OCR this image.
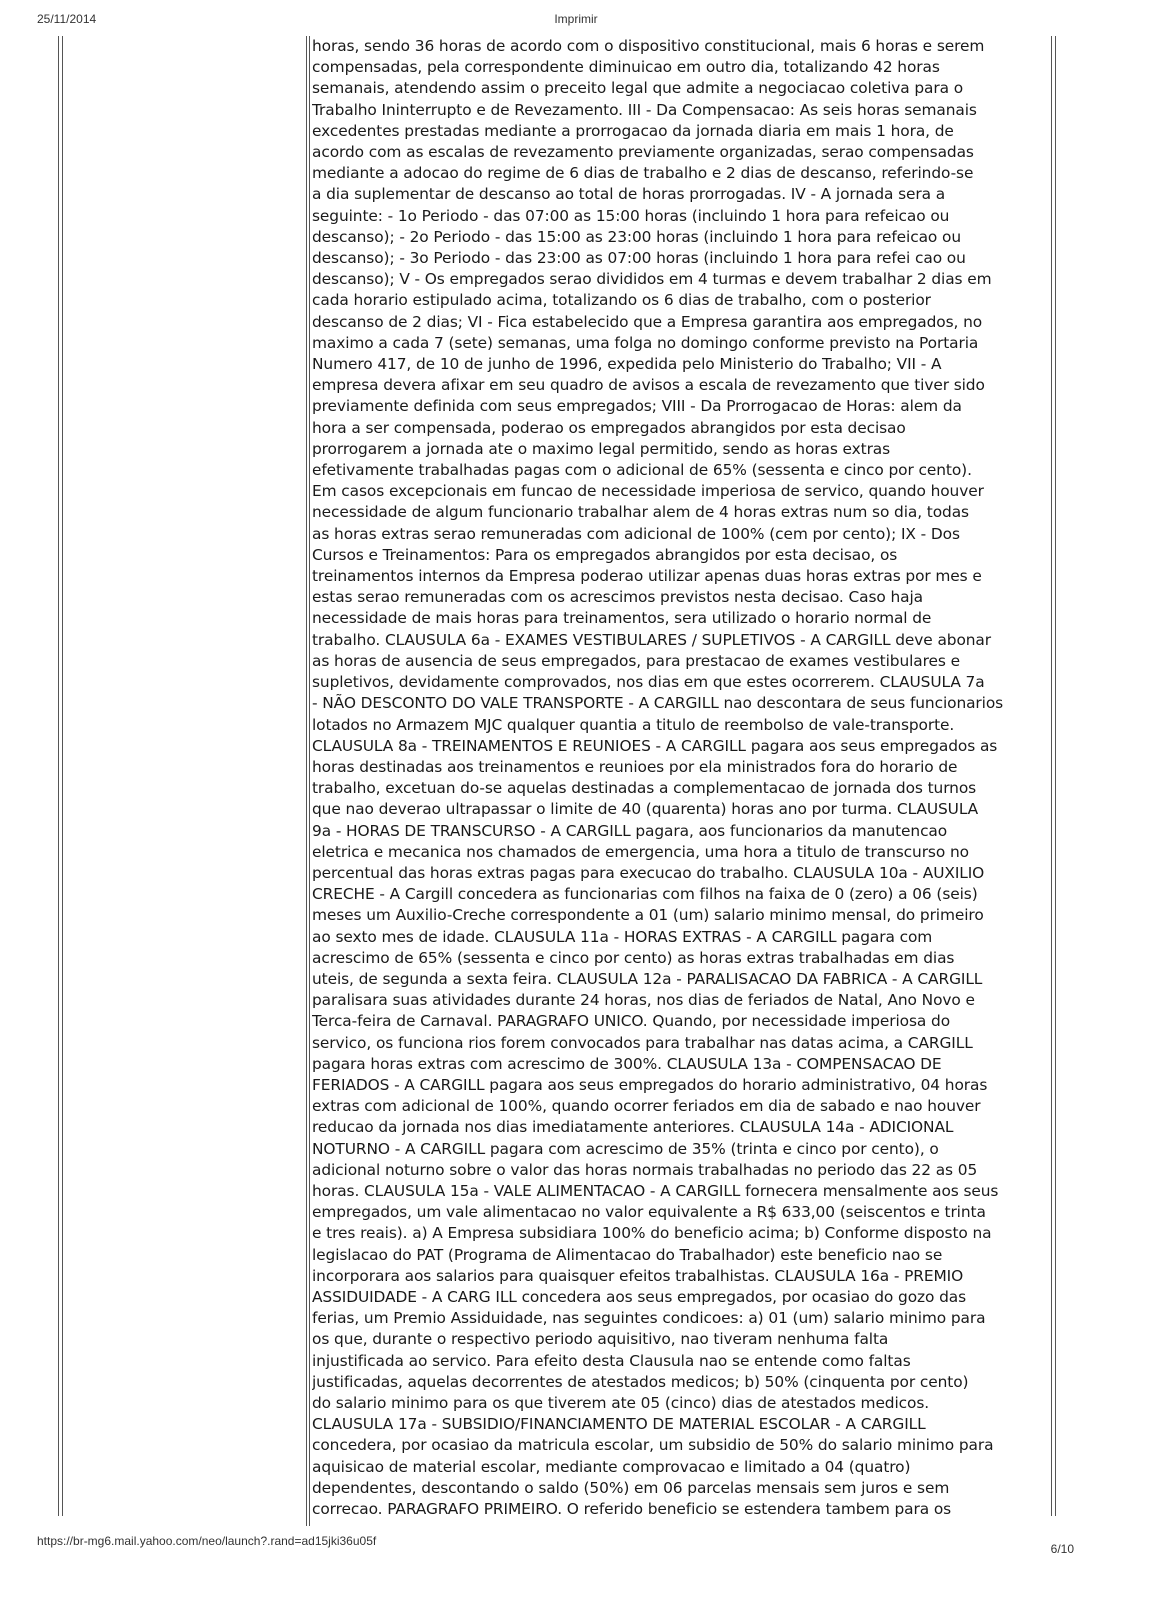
25/11/2014	Imprimir
horas, sendo 36 horas de acordo com o dispositivo constitucional, mais 6 horas e serem
compensadas, pela correspondente diminuicao em outro dia, totalizando 42 horas
semanais, atendendo assim o preceito legal que admite a negociacao coletiva para o
Trabalho Ininterrupto e de Revezamento. III - Da Compensacao: As seis horas semanais
excedentes prestadas mediante a prorrogacao da jornada diaria em mais 1 hora, de
acordo com as escalas de revezamento previamente organizadas, serao compensadas
mediante a adocao do regime de 6 dias de trabalho e 2 dias de descanso, referindo-se
a dia suplementar de descanso ao total de horas prorrogadas. IV - A jornada sera a
seguinte: - 1o Periodo - das 07:00 as 15:00 horas (incluindo 1 hora para refeicao ou
descanso); - 2o Periodo - das 15:00 as 23:00 horas (incluindo 1 hora para refeicao ou
descanso); - 3o Periodo - das 23:00 as 07:00 horas (incluindo 1 hora para refei cao ou
descanso); V - Os empregados serao divididos em 4 turmas e devem trabalhar 2 dias em
cada horario estipulado acima, totalizando os 6 dias de trabalho, com o posterior
descanso de 2 dias; VI - Fica estabelecido que a Empresa garantira aos empregados, no
maximo a cada 7 (sete) semanas, uma folga no domingo conforme previsto na Portaria
Numero 417, de 10 de junho de 1996, expedida pelo Ministerio do Trabalho; VII - A
empresa devera afixar em seu quadro de avisos a escala de revezamento que tiver sido
previamente definida com seus empregados; VIII - Da Prorrogacao de Horas: alem da
hora a ser compensada, poderao os empregados abrangidos por esta decisao
prorrogarem a jornada ate o maximo legal permitido, sendo as horas extras
efetivamente trabalhadas pagas com o adicional de 65% (sessenta e cinco por cento).
Em casos excepcionais em funcao de necessidade imperiosa de servico, quando houver
necessidade de algum funcionario trabalhar alem de 4 horas extras num so dia, todas
as horas extras serao remuneradas com adicional de 100% (cem por cento); IX - Dos
Cursos e Treinamentos: Para os empregados abrangidos por esta decisao, os
treinamentos internos da Empresa poderao utilizar apenas duas horas extras por mes e
estas serao remuneradas com os acrescimos previstos nesta decisao. Caso haja
necessidade de mais horas para treinamentos, sera utilizado o horario normal de
trabalho. CLAUSULA 6a - EXAMES VESTIBULARES / SUPLETIVOS - A CARGILL deve abonar
as horas de ausencia de seus empregados, para prestacao de exames vestibulares e
supletivos, devidamente comprovados, nos dias em que estes ocorrerem. CLAUSULA 7a
- NÃO DESCONTO DO VALE TRANSPORTE - A CARGILL nao descontara de seus funcionarios
lotados no Armazem MJC qualquer quantia a titulo de reembolso de vale-transporte.
CLAUSULA 8a - TREINAMENTOS E REUNIOES - A CARGILL pagara aos seus empregados as
horas destinadas aos treinamentos e reunioes por ela ministrados fora do horario de
trabalho, excetuan do-se aquelas destinadas a complementacao de jornada dos turnos
que nao deverao ultrapassar o limite de 40 (quarenta) horas ano por turma. CLAUSULA
9a - HORAS DE TRANSCURSO - A CARGILL pagara, aos funcionarios da manutencao
eletrica e mecanica nos chamados de emergencia, uma hora a titulo de transcurso no
percentual das horas extras pagas para execucao do trabalho. CLAUSULA 10a - AUXILIO
CRECHE - A Cargill concedera as funcionarias com filhos na faixa de 0 (zero) a 06 (seis)
meses um Auxilio-Creche correspondente a 01 (um) salario minimo mensal, do primeiro
ao sexto mes de idade. CLAUSULA 11a - HORAS EXTRAS - A CARGILL pagara com
acrescimo de 65% (sessenta e cinco por cento) as horas extras trabalhadas em dias
uteis, de segunda a sexta feira. CLAUSULA 12a - PARALISACAO DA FABRICA - A CARGILL
paralisara suas atividades durante 24 horas, nos dias de feriados de Natal, Ano Novo e
Terca-feira de Carnaval. PARAGRAFO UNICO. Quando, por necessidade imperiosa do
servico, os funciona rios forem convocados para trabalhar nas datas acima, a CARGILL
pagara horas extras com acrescimo de 300%. CLAUSULA 13a - COMPENSACAO DE
FERIADOS - A CARGILL pagara aos seus empregados do horario administrativo, 04 horas
extras com adicional de 100%, quando ocorrer feriados em dia de sabado e nao houver
reducao da jornada nos dias imediatamente anteriores. CLAUSULA 14a - ADICIONAL
NOTURNO - A CARGILL pagara com acrescimo de 35% (trinta e cinco por cento), o
adicional noturno sobre o valor das horas normais trabalhadas no periodo das 22 as 05
horas. CLAUSULA 15a - VALE ALIMENTACAO - A CARGILL fornecera mensalmente aos seus
empregados, um vale alimentacao no valor equivalente a R$ 633,00 (seiscentos e trinta
e tres reais). a) A Empresa subsidiara 100% do beneficio acima; b) Conforme disposto na
legislacao do PAT (Programa de Alimentacao do Trabalhador) este beneficio nao se
incorporara aos salarios para quaisquer efeitos trabalhistas. CLAUSULA 16a - PREMIO
ASSIDUIDADE - A CARG ILL concedera aos seus empregados, por ocasiao do gozo das
ferias, um Premio Assiduidade, nas seguintes condicoes: a) 01 (um) salario minimo para
os que, durante o respectivo periodo aquisitivo, nao tiveram nenhuma falta
injustificada ao servico. Para efeito desta Clausula nao se entende como faltas
justificadas, aquelas decorrentes de atestados medicos; b) 50% (cinquenta por cento)
do salario minimo para os que tiverem ate 05 (cinco) dias de atestados medicos.
CLAUSULA 17a - SUBSIDIO/FINANCIAMENTO DE MATERIAL ESCOLAR - A CARGILL
concedera, por ocasiao da matricula escolar, um subsidio de 50% do salario minimo para
aquisicao de material escolar, mediante comprovacao e limitado a 04 (quatro)
dependentes, descontando o saldo (50%) em 06 parcelas mensais sem juros e sem
correcao. PARAGRAFO PRIMEIRO. O referido beneficio se estendera tambem para os
https://br-mg6.mail.yahoo.com/neo/launch?.rand=ad15jki36u05f
6/10
